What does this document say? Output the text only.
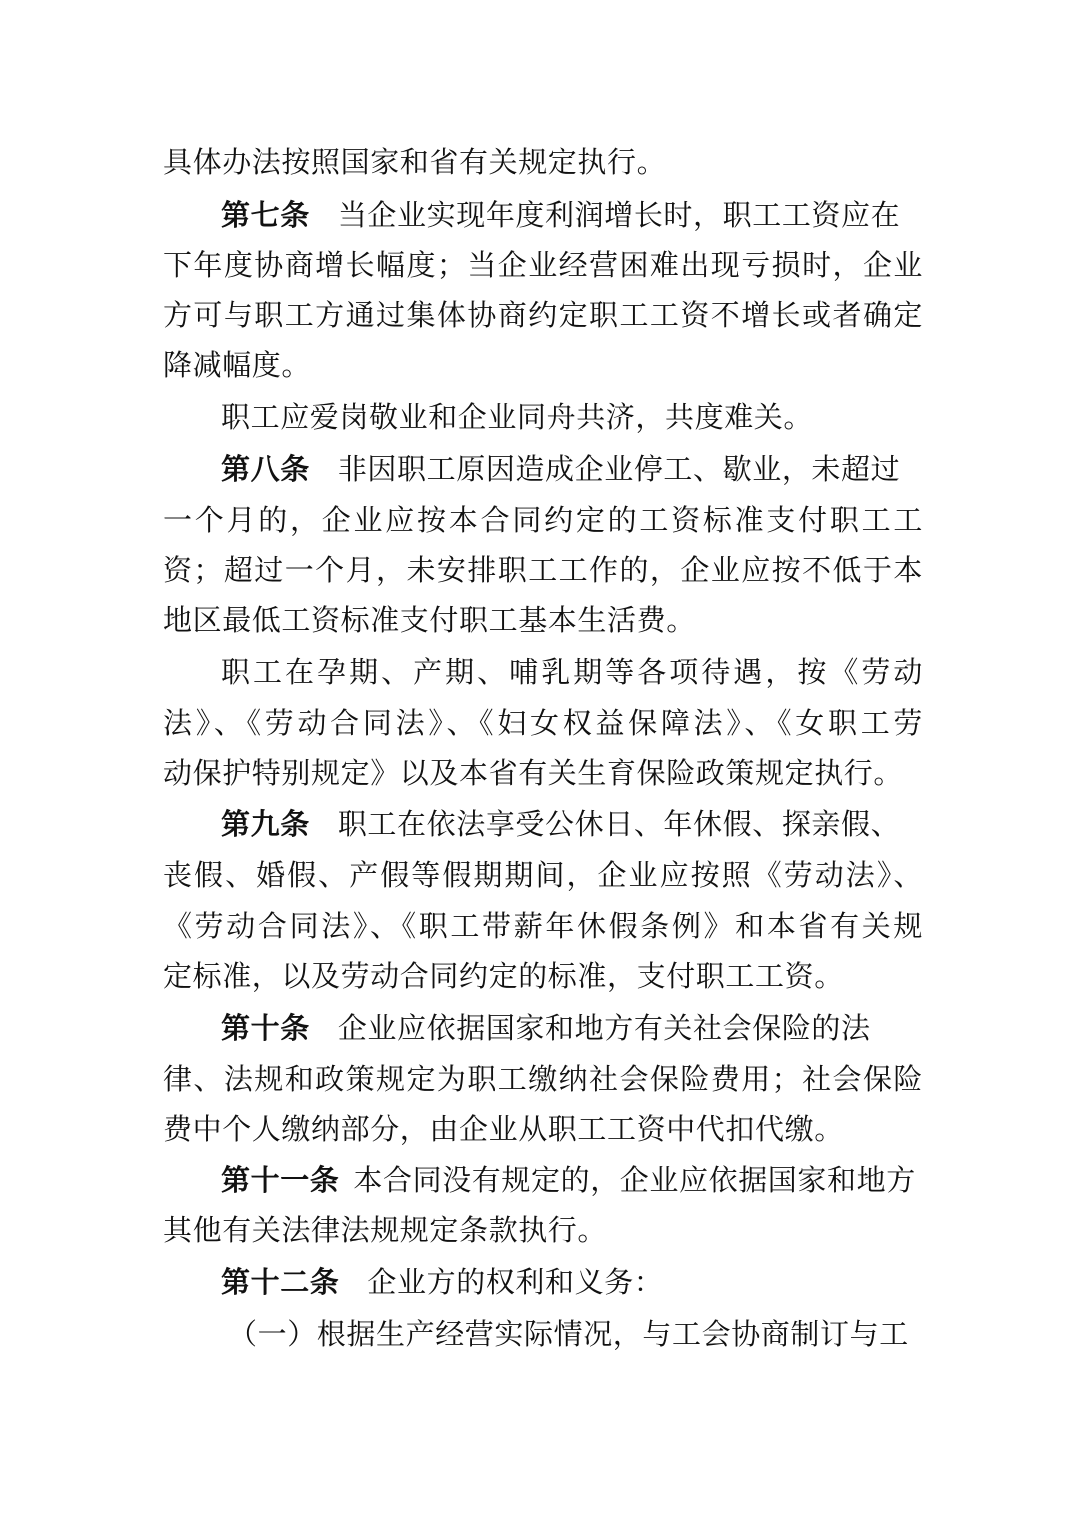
具体办法按照国家和省有关规定执行。
第七条 当企业实现年度利润增长时，职工工资应在
下年度协商增长幅度；当企业经营困难出现亏损时，企业
方可与职工方通过集体协商约定职工工资不增长或者确定
降减幅度。
职工应爱岗敬业和企业同舟共济，共度难关。
第八条 非因职工原因造成企业停工、歇业，未超过
一个月的，企业应按本合同约定的工资标准支付职工工
资；超过一个月，未安排职工工作的，企业应按不低于本
地区最低工资标准支付职工基本生活费。
职工在孕期、产期、哺乳期等各项待遇，按《劳动
法》、《劳动合同法》、《妇女权益保障法》、《女职工劳
动保护特别规定》以及本省有关生育保险政策规定执行。
第九条 职工在依法享受公休日、年休假、探亲假、
丧假、婚假、产假等假期期间，企业应按照《劳动法》、
《劳动合同法》、《职工带薪年休假条例》和本省有关规
定标准，以及劳动合同约定的标准，支付职工工资。
第十条 企业应依据国家和地方有关社会保险的法
律、法规和政策规定为职工缴纳社会保险费用；社会保险
费中个人缴纳部分，由企业从职工工资中代扣代缴。
第十一条 本合同没有规定的，企业应依据国家和地方
其他有关法律法规规定条款执行。
第十二条 企业方的权利和义务：
（一）根据生产经营实际情况，与工会协商制订与工
